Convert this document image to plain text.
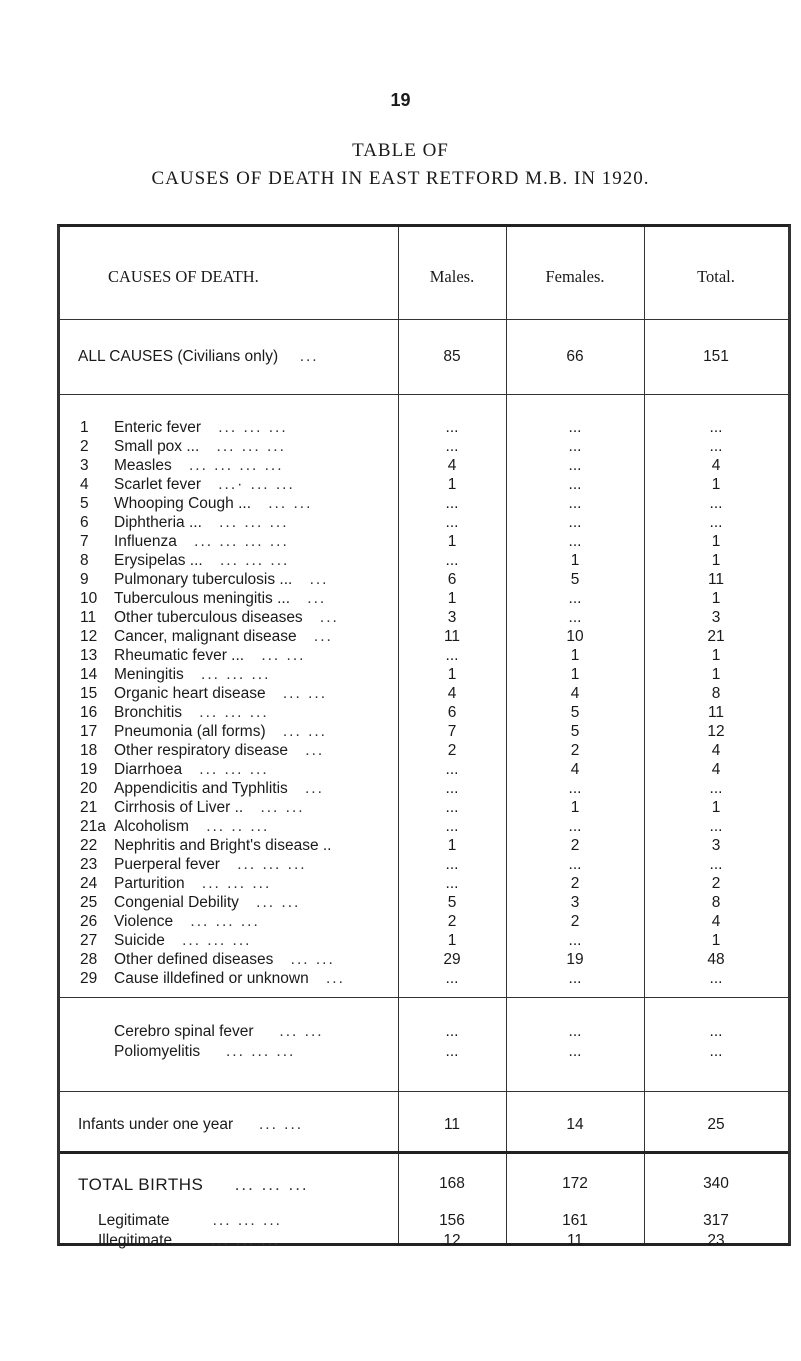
19
TABLE OF
CAUSES OF DEATH IN EAST RETFORD M.B. IN 1920.
CAUSES OF DEATH.	Males.	Females.	Total.
ALL CAUSES (Civilians only) ...	85	66	151
1 Enteric fever ... ... ...	...	...	...
2 Small pox ... ... ... ...	...	...	...
3 Measles ... ... ... ...	4	...	4
4 Scarlet fever ...· ... ...	1	...	1
5 Whooping Cough ... ... ...	...	...	...
6 Diphtheria ... ... ... ...	...	...	...
7 Influenza ... ... ... ...	1	...	1
8 Erysipelas ... ... ... ...	...	1	1
9 Pulmonary tuberculosis ... ...	6	5	11
10 Tuberculous meningitis ... ...	1	...	1
11 Other tuberculous diseases ...	3	...	3
12 Cancer, malignant disease ...	11	10	21
13 Rheumatic fever ... ... ...	...	1	1
14 Meningitis ... ... ...	1	1	1
15 Organic heart disease ... ...	4	4	8
16 Bronchitis ... ... ...	6	5	11
17 Pneumonia (all forms) ... ...	7	5	12
18 Other respiratory disease ...	2	2	4
19 Diarrhoea ... ... ...	...	4	4
20 Appendicitis and Typhlitis ...	...	...	...
21 Cirrhosis of Liver .. ... ...	...	1	1
21a Alcoholism ... .. ...	...	...	...
22 Nephritis and Bright's disease ..	1	2	3
23 Puerperal fever ... ... ...	...	...	...
24 Parturition ... ... ...	...	2	2
25 Congenial Debility ... ...	5	3	8
26 Violence ... ... ...	2	2	4
27 Suicide ... ... ...	1	...	1
28 Other defined diseases ... ...	29	19	48
29 Cause illdefined or unknown ...	...	...	...
Cerebro spinal fever ... ...	...	...	...
Poliomyelitis ... ... ...	...	...	...
Infants under one year ... ...	11	14	25
TOTAL BIRTHS ... ... ...	168	172	340
Legitimate	... ... ...	156	161	317
Illegitimate	... ... ...	12	11	23
